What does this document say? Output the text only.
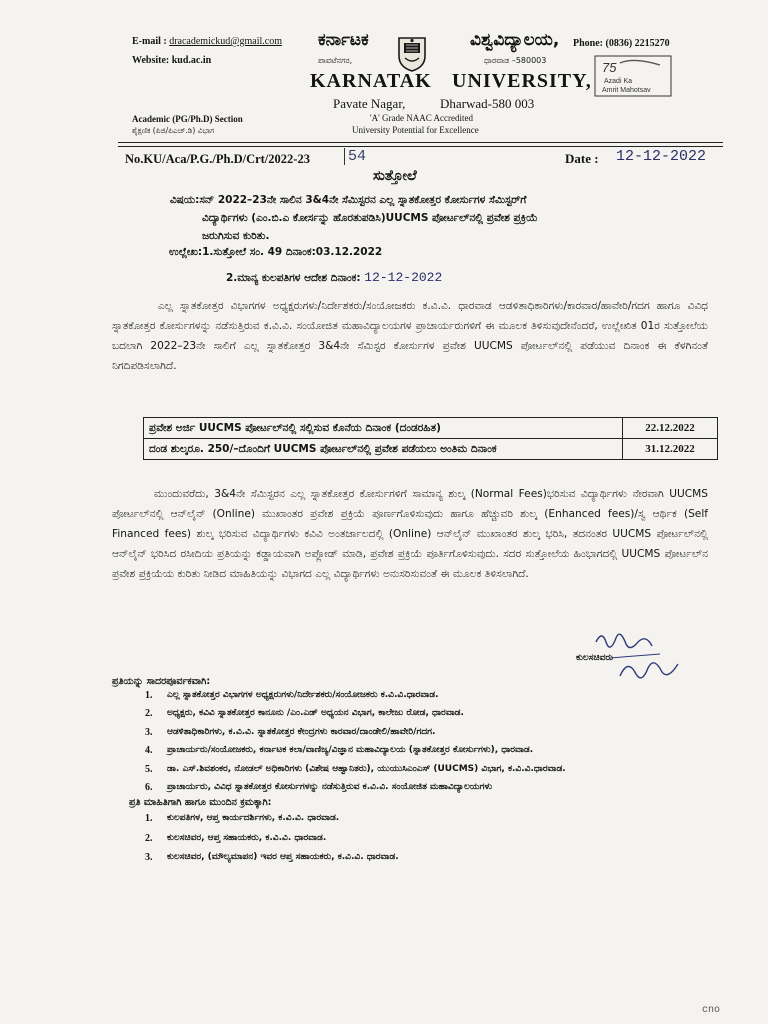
E-mail : dracademickud@gmail.com
Website: kud.ac.in
Phone: (0836) 2215270
ಕರ್ನಾಟಕ	ವಿಶ್ವವಿದ್ಯಾಲಯ,
ಪಾವಟೆನಗರ,	ಧಾರವಾಡ –580003
KARNATAK UNIVERSITY,
Pavate Nagar,	Dharwad-580 003
'A' Grade NAAC Accredited
University Potential for Excellence
75
Azadi Ka
Amrit Mahotsav
Academic (PG/Ph.D) Section
ಶೈಕ್ಷಣಿಕ (ಪಿಜಿ/ಪಿಎಚ್.ಡಿ) ವಿಭಾಗ
No.KU/Aca/P.G./Ph.D/Crt/2022-23	54	Date : 12-12-2022
ಸುತ್ತೋಲೆ
ವಿಷಯ:ಸನ್ 2022–23ನೇ ಸಾಲಿನ 3&4ನೇ ಸೆಮಿಸ್ಟರನ ಎಲ್ಲ ಸ್ನಾತಕೋತ್ತರ ಕೋರ್ಸುಗಳ ಸೆಮಿಸ್ಟರ್‌ಗೆ
ವಿದ್ಯಾರ್ಥಿಗಳು (ಎಂ.ಬಿ.ಎ ಕೋರ್ಸನ್ನು ಹೊರತುಪಡಿಸಿ)UUCMS ಪೋರ್ಟಲ್‌ನಲ್ಲಿ ಪ್ರವೇಶ ಪ್ರಕ್ರಿಯೆ
ಜರುಗಿಸುವ ಕುರಿತು.
ಉಲ್ಲೇಖ:1.ಸುತ್ತೋಲೆ ಸಂ. 49 ದಿನಾಂಕ:03.12.2022
2.ಮಾನ್ಯ ಕುಲಪತಿಗಳ ಆದೇಶ ದಿನಾಂಕ: 12-12-2022
ಎಲ್ಲ ಸ್ನಾತಕೋತ್ತರ ವಿಭಾಗಗಳ ಅಧ್ಯಕ್ಷರುಗಳು/ನಿರ್ದೇಶಕರು/ಸಂಯೋಜಕರು ಕ.ವಿ.ವಿ. ಧಾರವಾಡ ಆಡಳಿತಾಧಿಕಾರಿಗಳು/ಕಾರವಾರ/ಹಾವೇರಿ/ಗದಗ ಹಾಗೂ ವಿವಿಧ ಸ್ನಾತಕೋತ್ತರ ಕೋರ್ಸುಗಳನ್ನು ನಡೆಸುತ್ತಿರುವ ಕ.ವಿ.ವಿ. ಸಂಯೋಜಿತ ಮಹಾವಿದ್ಯಾಲಯಗಳ ಪ್ರಾಚಾರ್ಯರುಗಳಿಗೆ ಈ ಮೂಲಕ ತಿಳಿಸುವುದೇನೆಂದರೆ, ಉಲ್ಲೇಖಿತ 01ರ ಸುತ್ತೋಲೆಯ ಬದಲಾಗಿ 2022–23ನೇ ಸಾಲಿಗೆ ಎಲ್ಲ ಸ್ನಾತಕೋತ್ತರ 3&4ನೇ ಸೆಮಿಸ್ಟರ ಕೋರ್ಸುಗಳ ಪ್ರವೇಶ UUCMS ಪೋರ್ಟಲ್‌ನಲ್ಲಿ ಪಡೆಯುವ ದಿನಾಂಕ ಈ ಕೆಳಗಿನಂತೆ ನಿಗದಿಪಡಿಸಲಾಗಿದೆ.
ಪ್ರವೇಶ ಅರ್ಜಿ UUCMS ಪೋರ್ಟಲ್‌ನಲ್ಲಿ ಸಲ್ಲಿಸುವ ಕೊನೆಯ ದಿನಾಂಕ (ದಂಡರಹಿತ)	22.12.2022
ದಂಡ ಶುಲ್ಕರೂ. 250/–ದೊಂದಿಗೆ UUCMS ಪೋರ್ಟಲ್‌ನಲ್ಲಿ ಪ್ರವೇಶ ಪಡೆಯಲು ಅಂತಿಮ ದಿನಾಂಕ	31.12.2022
ಮುಂದುವರೆದು, 3&4ನೇ ಸೆಮಿಸ್ಟರನ ಎಲ್ಲ ಸ್ನಾತಕೋತ್ತರ ಕೋರ್ಸುಗಳಿಗೆ ಸಾಮಾನ್ಯ ಶುಲ್ಕ (Normal Fees)ಭರಿಸುವ ವಿದ್ಯಾರ್ಥಿಗಳು ನೇರವಾಗಿ UUCMS ಪೋರ್ಟಲ್‌ನಲ್ಲಿ ಆನ್‌ಲೈನ್ (Online) ಮುಖಾಂತರ ಪ್ರವೇಶ ಪ್ರಕ್ರಿಯೆ ಪೂರ್ಣಗೊಳಿಸುವುದು ಹಾಗೂ ಹೆಚ್ಚುವರಿ ಶುಲ್ಕ (Enhanced fees)/ಸ್ವ ಆರ್ಥಿಕ (Self Financed fees) ಶುಲ್ಕ ಭರಿಸುವ ವಿದ್ಯಾರ್ಥಿಗಳು ಕವಿವಿ ಅಂತರ್ಜಾಲದಲ್ಲಿ (Online) ಆನ್‌ಲೈನ್ ಮುಖಾಂತರ ಶುಲ್ಕ ಭರಿಸಿ, ತದನಂತರ UUCMS ಪೋರ್ಟಲ್‌ನಲ್ಲಿ ಆನ್‌ಲೈನ್ ಭರಿಸಿದ ರಸೀದಿಯ ಪ್ರತಿಯನ್ನು ಕಡ್ಡಾಯವಾಗಿ ಅಪ್ಲೋಡ್ ಮಾಡಿ, ಪ್ರವೇಶ ಪ್ರಕ್ರಿಯೆ ಪೂರ್ತಿಗೊಳಿಸುವುದು. ಸದರ ಸುತ್ತೋಲೆಯ ಹಿಂಭಾಗದಲ್ಲಿ UUCMS ಪೋರ್ಟಲ್‌ನ ಪ್ರವೇಶ ಪ್ರಕ್ರಿಯೆಯ ಕುರಿತು ನೀಡಿದ ಮಾಹಿತಿಯನ್ನು ವಿಭಾಗದ ಎಲ್ಲ ವಿದ್ಯಾರ್ಥಿಗಳು ಅನುಸರಿಸುವಂತೆ ಈ ಮೂಲಕ ತಿಳಿಸಲಾಗಿದೆ.
ಕುಲಸಚಿವರು
ಪ್ರತಿಯನ್ನು ಸಾದರಪೂರ್ವಕವಾಗಿ:
1.	ಎಲ್ಲ ಸ್ನಾತಕೋತ್ತರ ವಿಭಾಗಗಳ ಅಧ್ಯಕ್ಷರುಗಳು/ನಿರ್ದೇಶಕರು/ಸಂಯೋಜಕರು ಕ.ವಿ.ವಿ.ಧಾರವಾಡ.
2.	ಅಧ್ಯಕ್ಷರು, ಕವಿವಿ ಸ್ನಾತಕೋತ್ತರ ಕಾನೂನು /ಎಂ.ಎಡ್ ಅಧ್ಯಯನ ವಿಭಾಗ, ಕಾಲೇಜು ರೋಡ, ಧಾರವಾಡ.
3.	ಆಡಳಿತಾಧಿಕಾರಿಗಳು, ಕ.ವಿ.ವಿ. ಸ್ನಾತಕೋತ್ತರ ಕೇಂದ್ರಗಳು ಕಾರವಾರ/ದಾಂಡೇಲಿ/ಹಾವೇರಿ/ಗದಗ.
4.	ಪ್ರಾಚಾರ್ಯರು/ಸಂಯೋಜಕರು, ಕರ್ನಾಟಕ ಕಲಾ/ವಾಣಿಜ್ಯ/ವಿಜ್ಞಾನ ಮಹಾವಿದ್ಯಾಲಯ (ಸ್ನಾತಕೋತ್ತರ ಕೋರ್ಸುಗಳು), ಧಾರವಾಡ.
5.	ಡಾ. ಎಸ್.ಶಿವಶಂಕರ, ನೋಡಲ್ ಅಧಿಕಾರಿಗಳು (ವಿಶೇಷ ಆಹ್ವಾನಿತರು), ಯುಯುಸಿಎಂಎಸ್ (UUCMS) ವಿಭಾಗ, ಕ.ವಿ.ವಿ.ಧಾರವಾಡ.
6.	ಪ್ರಾಚಾರ್ಯರು, ವಿವಿಧ ಸ್ನಾತಕೋತ್ತರ ಕೋರ್ಸುಗಳನ್ನು ನಡೆಸುತ್ತಿರುವ ಕ.ವಿ.ವಿ. ಸಂಯೋಜಿತ ಮಹಾವಿದ್ಯಾಲಯಗಳು
ಪ್ರತಿ ಮಾಹಿತಿಗಾಗಿ ಹಾಗೂ ಮುಂದಿನ ಕ್ರಮಕ್ಕಾಗಿ:
1.	ಕುಲಪತಿಗಳ, ಆಪ್ತ ಕಾರ್ಯದರ್ಶಿಗಳು, ಕ.ವಿ.ವಿ. ಧಾರವಾಡ.
2.	ಕುಲಸಚಿವರ, ಆಪ್ತ ಸಹಾಯಕರು, ಕ.ವಿ.ವಿ. ಧಾರವಾಡ.
3.	ಕುಲಸಚಿವರ, (ಮೌಲ್ಯಮಾಪನ) ಇವರ ಆಪ್ತ ಸಹಾಯಕರು, ಕ.ವಿ.ವಿ. ಧಾರವಾಡ.
cno
